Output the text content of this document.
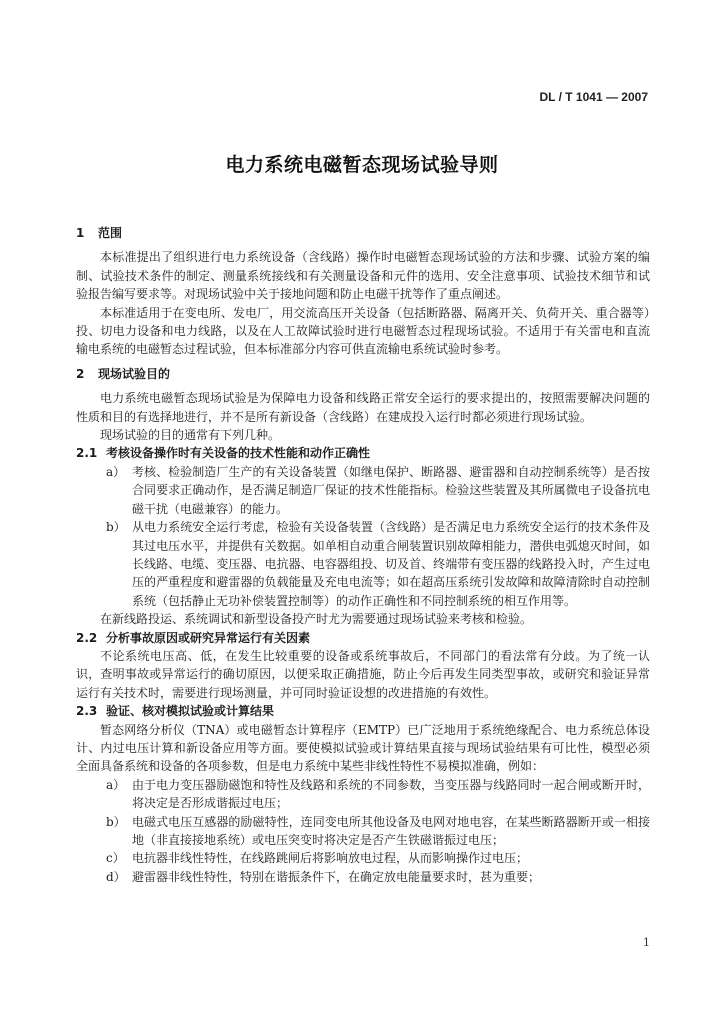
DL / T 1041 — 2007
电力系统电磁暂态现场试验导则
1 范围

本标准提出了组织进行电力系统设备（含线路）操作时电磁暂态现场试验的方法和步骤、试验方案的编制、试验技术条件的制定、测量系统接线和有关测量设备和元件的选用、安全注意事项、试验技术细节和试验报告编写要求等。对现场试验中关于接地问题和防止电磁干扰等作了重点阐述。

本标准适用于在变电所、发电厂，用交流高压开关设备（包括断路器、隔离开关、负荷开关、重合器等）投、切电力设备和电力线路，以及在人工故障试验时进行电磁暂态过程现场试验。不适用于有关雷电和直流输电系统的电磁暂态过程试验，但本标准部分内容可供直流输电系统试验时参考。

2 现场试验目的

电力系统电磁暂态现场试验是为保障电力设备和线路正常安全运行的要求提出的，按照需要解决问题的性质和目的有选择地进行，并不是所有新设备（含线路）在建成投入运行时都必须进行现场试验。

现场试验的目的通常有下列几种。

2.1 考核设备操作时有关设备的技术性能和动作正确性
a） 考核、检验制造厂生产的有关设备装置（如继电保护、断路器、避雷器和自动控制系统等）是否按合同要求正确动作，是否满足制造厂保证的技术性能指标。检验这些装置及其所属微电子设备抗电磁干扰（电磁兼容）的能力。
b） 从电力系统安全运行考虑，检验有关设备装置（含线路）是否满足电力系统安全运行的技术条件及其过电压水平，并提供有关数据。如单相自动重合闸装置识别故障相能力，潜供电弧熄灭时间，如长线路、电缆、变压器、电抗器、电容器组投、切及首、终端带有变压器的线路投入时，产生过电压的严重程度和避雷器的负载能量及充电电流等；如在超高压系统引发故障和故障清除时自动控制系统（包括静止无功补偿装置控制等）的动作正确性和不同控制系统的相互作用等。

在新线路投运、系统调试和新型设备投产时尤为需要通过现场试验来考核和检验。

2.2 分析事故原因或研究异常运行有关因素

不论系统电压高、低，在发生比较重要的设备或系统事故后，不同部门的看法常有分歧。为了统一认识，查明事故或异常运行的确切原因，以便采取正确措施，防止今后再发生同类型事故，或研究和验证异常运行有关技术时，需要进行现场测量，并可同时验证设想的改进措施的有效性。

2.3 验证、核对模拟试验或计算结果

暂态网络分析仪（TNA）或电磁暂态计算程序（EMTP）已广泛地用于系统绝缘配合、电力系统总体设计、内过电压计算和新设备应用等方面。要使模拟试验或计算结果直接与现场试验结果有可比性，模型必须全面具备系统和设备的各项参数，但是电力系统中某些非线性特性不易模拟准确，例如：

a） 由于电力变压器励磁饱和特性及线路和系统的不同参数，当变压器与线路同时一起合闸或断开时，将决定是否形成谐振过电压；
b） 电磁式电压互感器的励磁特性，连同变电所其他设备及电网对地电容，在某些断路器断开或一相接地（非直接接地系统）或电压突变时将决定是否产生铁磁谐振过电压；
c） 电抗器非线性特性，在线路跳闸后将影响放电过程，从而影响操作过电压；
d） 避雷器非线性特性，特别在谐振条件下，在确定放电能量要求时，甚为重要；
1
